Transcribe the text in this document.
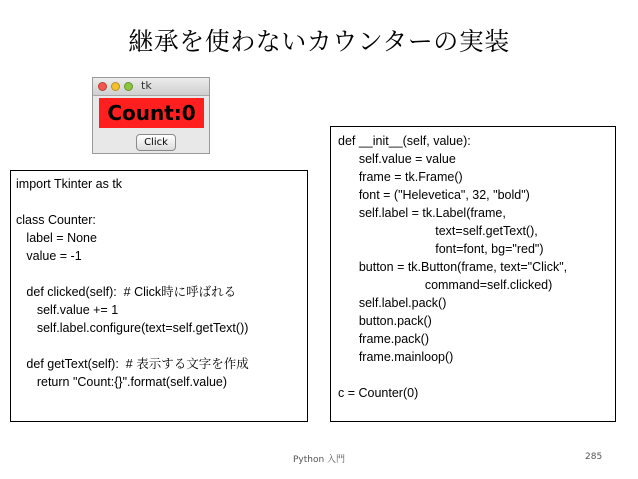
継承を使わないカウンターの実装
tk
Count:0
Click
import Tkinter as tk
class Counter:
label = None
value = -1
def clicked(self):  # Click時に呼ばれる
self.value += 1
self.label.configure(text=self.getText())
def getText(self):  # 表示する文字を作成
return "Count:{}".format(self.value)
def __init__(self, value):
self.value = value
frame = tk.Frame()
font = ("Helevetica", 32, "bold")
self.label = tk.Label(frame,
text=self.getText(),
font=font, bg="red")
button = tk.Button(frame, text="Click",
command=self.clicked)
self.label.pack()
button.pack()
frame.pack()
frame.mainloop()
c = Counter(0)
Python 入門	285
